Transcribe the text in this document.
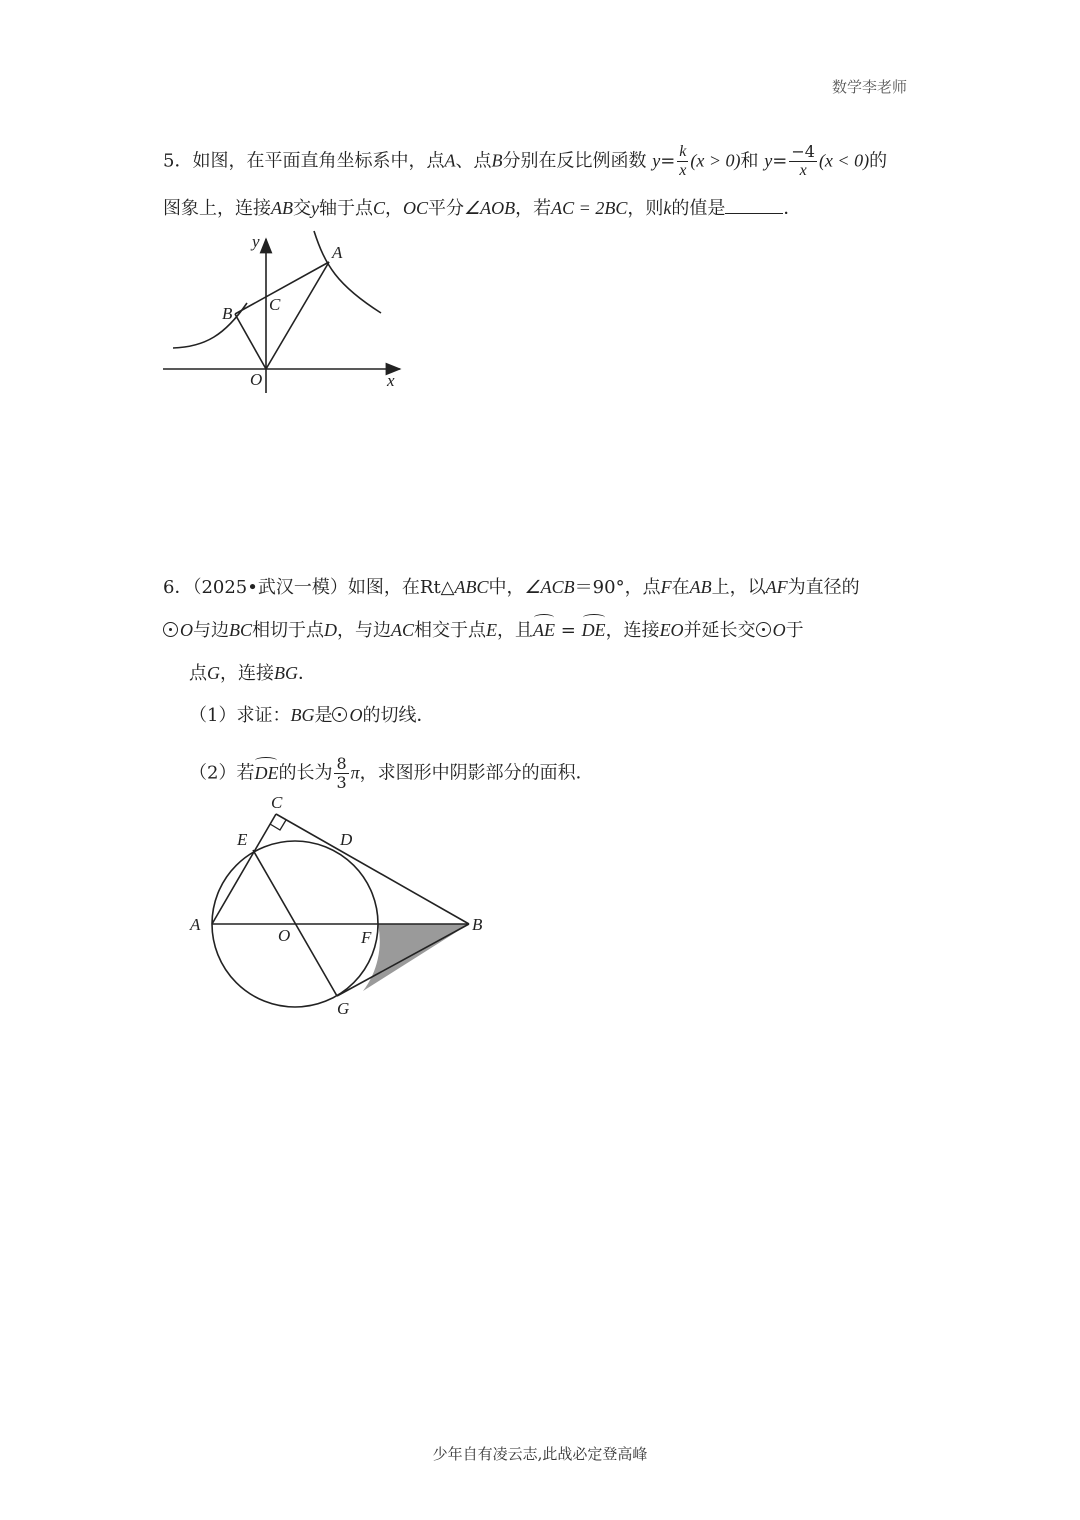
数学李老师
5．如图，在平面直角坐标系中，点A、点B分别在反比例函数 $y= \frac{k}{x} (x > 0)$和 $y= \frac{-4}{x} (x < 0)$的
图象上，连接AB交y轴于点C，OC平分∠AOB，若AC = 2BC，则k的值是	．
y
x
A
B C
O
6．（2025•武汉一模）如图，在Rt△ABC中，∠ACB＝90°，点F在AB上，以AF为直径的
O与边BC相切于点D，与边AC相交于点E，且AE = DE，连接EO并延长交 O于
点G，连接BG．
（1）求证：BG是 O的切线．
（2）若DE的长为 $\frac{8}{3}$ π，求图形中阴影部分的面积．
C
E	D
A
O	F
B
G
少年自有凌云志,此战必定登高峰
